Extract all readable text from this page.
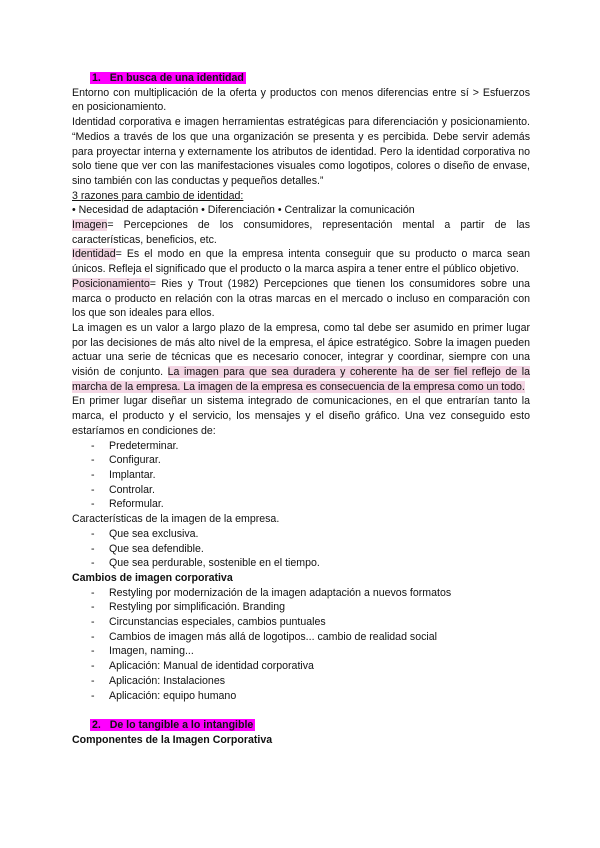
1. En busca de una identidad

Entorno con multiplicación de la oferta y productos con menos diferencias entre sí > Esfuerzos en posicionamiento.

Identidad corporativa e imagen herramientas estratégicas para diferenciación y posicionamiento. “Medios a través de los que una organización se presenta y es percibida. Debe servir además para proyectar interna y externamente los atributos de identidad. Pero la identidad corporativa no solo tiene que ver con las manifestaciones visuales como logotipos, colores o diseño de envase, sino también con las conductas y pequeños detalles.”

3 razones para cambio de identidad:

• Necesidad de adaptación • Diferenciación • Centralizar la comunicación

Imagen= Percepciones de los consumidores, representación mental a partir de las características, beneficios, etc.

Identidad= Es el modo en que la empresa intenta conseguir que su producto o marca sean únicos. Refleja el significado que el producto o la marca aspira a tener entre el público objetivo.

Posicionamiento= Ries y Trout (1982) Percepciones que tienen los consumidores sobre una marca o producto en relación con la otras marcas en el mercado o incluso en comparación con los que son ideales para ellos.

La imagen es un valor a largo plazo de la empresa, como tal debe ser asumido en primer lugar por las decisiones de más alto nivel de la empresa, el ápice estratégico. Sobre la imagen pueden actuar una serie de técnicas que es necesario conocer, integrar y coordinar, siempre con una visión de conjunto. La imagen para que sea duradera y coherente ha de ser fiel reflejo de la marcha de la empresa. La imagen de la empresa es consecuencia de la empresa como un todo.

En primer lugar diseñar un sistema integrado de comunicaciones, en el que entrarían tanto la marca, el producto y el servicio, los mensajes y el diseño gráfico. Una vez conseguido esto estaríamos en condiciones de:

- Predeterminar.
- Configurar.
- Implantar.
- Controlar.
- Reformular.

Características de la imagen de la empresa.

- Que sea exclusiva.
- Que sea defendible.
- Que sea perdurable, sostenible en el tiempo.

Cambios de imagen corporativa

- Restyling por modernización de la imagen adaptación a nuevos formatos
- Restyling por simplificación. Branding
- Circunstancias especiales, cambios puntuales
- Cambios de imagen más allá de logotipos... cambio de realidad social
- Imagen, naming...
- Aplicación: Manual de identidad corporativa
- Aplicación: Instalaciones
- Aplicación: equipo humano

2. De lo tangible a lo intangible

Componentes de la Imagen Corporativa
